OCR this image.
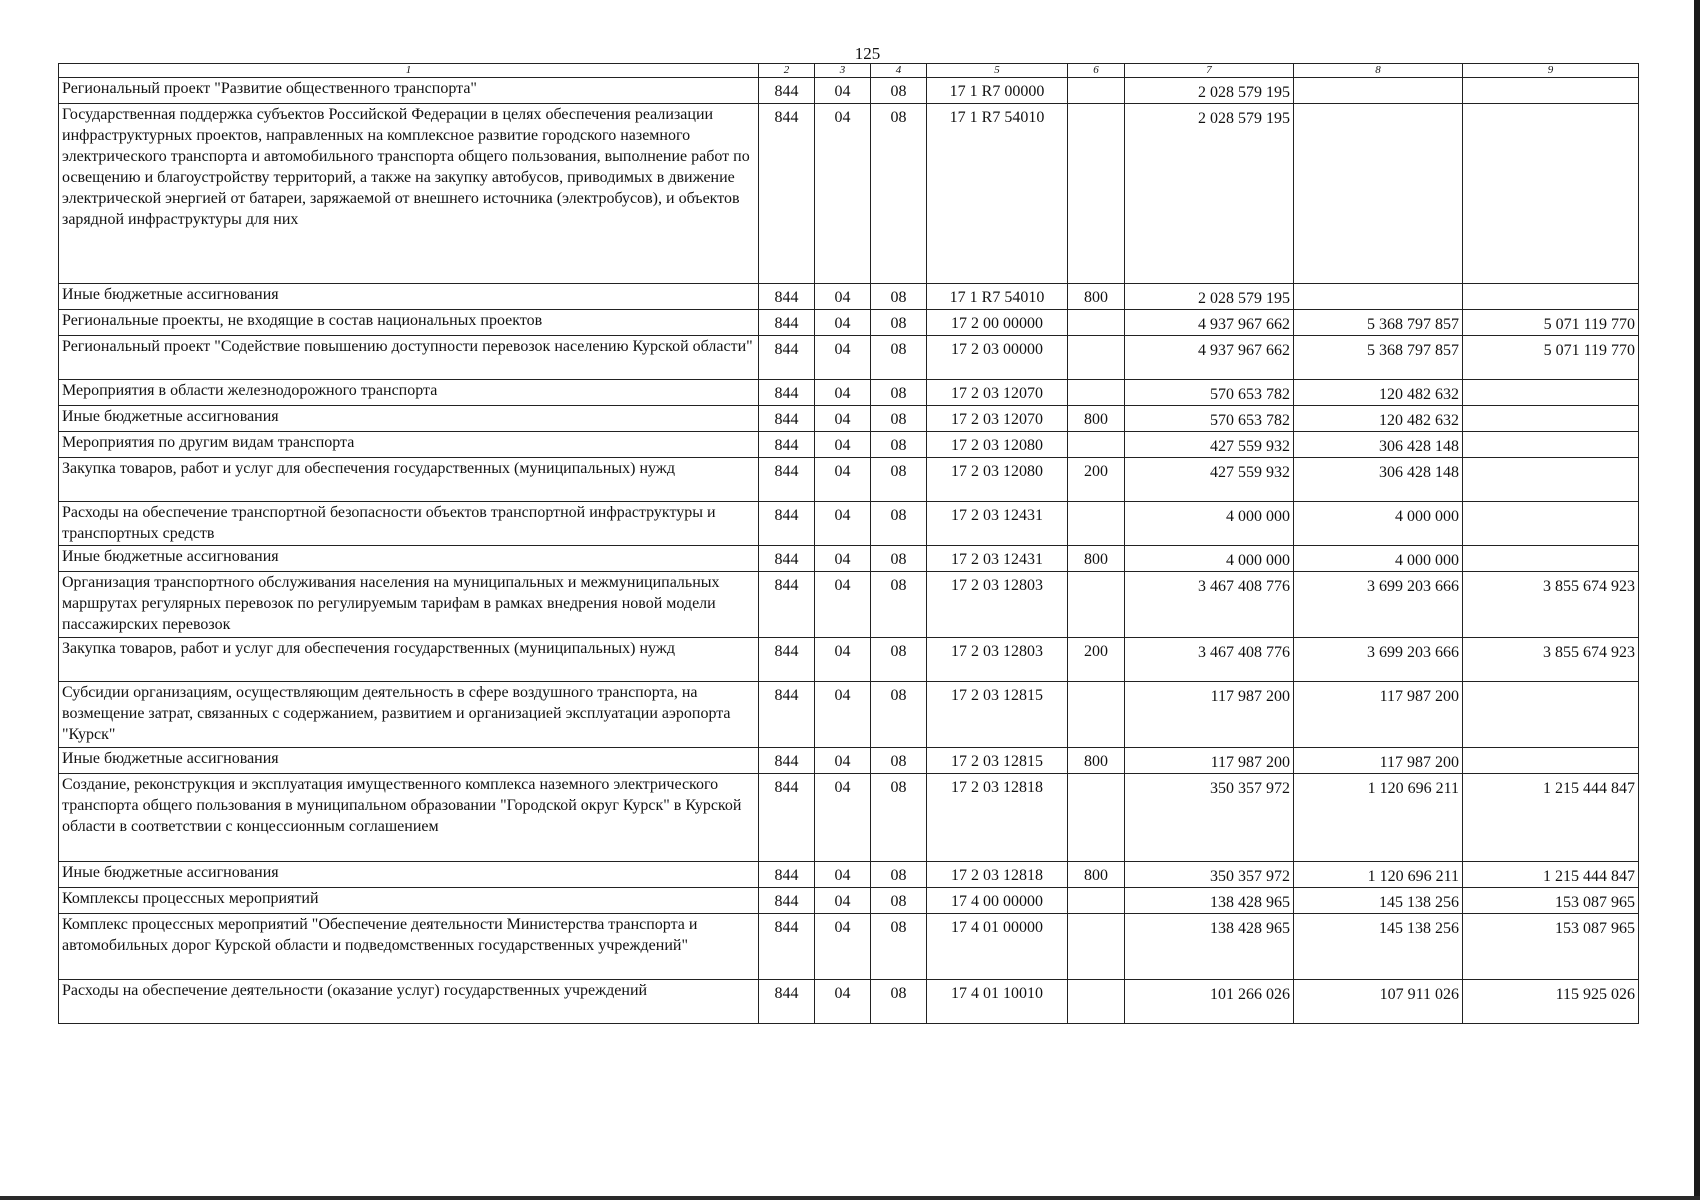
125
1	2	3	4	5	6	7	8	9
Региональный проект "Развитие общественного транспорта"	844	04	08	17 1 R7 00000		2 028 579 195		

Государственная поддержка субъектов Российской Федерации в целях обеспечения реализации инфраструктурных проектов, направленных на комплексное развитие городского наземного электрического транспорта и автомобильного транспорта общего пользования, выполнение работ по освещению и благоустройству территорий, а также на закупку автобусов, приводимых в движение электрической энергией от батареи, заряжаемой от внешнего источника (электробусов), и объектов зарядной инфраструктуры для них	844	04	08	17 1 R7 54010		2 028 579 195		

Иные бюджетные ассигнования	844	04	08	17 1 R7 54010	800	2 028 579 195		

Региональные проекты, не входящие в состав национальных проектов	844	04	08	17 2 00 00000		4 937 967 662	5 368 797 857	5 071 119 770

Региональный проект "Содействие повышению доступности перевозок населению Курской области"	844	04	08	17 2 03 00000		4 937 967 662	5 368 797 857	5 071 119 770

Мероприятия в области железнодорожного транспорта	844	04	08	17 2 03 12070		570 653 782	120 482 632	

Иные бюджетные ассигнования	844	04	08	17 2 03 12070	800	570 653 782	120 482 632	

Мероприятия по другим видам транспорта	844	04	08	17 2 03 12080		427 559 932	306 428 148	

Закупка товаров, работ и услуг для обеспечения государственных (муниципальных) нужд	844	04	08	17 2 03 12080	200	427 559 932	306 428 148	

Расходы на обеспечение транспортной безопасности объектов транспортной инфраструктуры и транспортных средств	844	04	08	17 2 03 12431		4 000 000	4 000 000	

Иные бюджетные ассигнования	844	04	08	17 2 03 12431	800	4 000 000	4 000 000	

Организация транспортного обслуживания населения на муниципальных и межмуниципальных маршрутах регулярных перевозок по регулируемым тарифам в рамках внедрения новой модели пассажирских перевозок	844	04	08	17 2 03 12803		3 467 408 776	3 699 203 666	3 855 674 923

Закупка товаров, работ и услуг для обеспечения государственных (муниципальных) нужд	844	04	08	17 2 03 12803	200	3 467 408 776	3 699 203 666	3 855 674 923

Субсидии организациям, осуществляющим деятельность в сфере воздушного транспорта, на возмещение затрат, связанных с содержанием, развитием и организацией эксплуатации аэропорта "Курск"	844	04	08	17 2 03 12815		117 987 200	117 987 200	

Иные бюджетные ассигнования	844	04	08	17 2 03 12815	800	117 987 200	117 987 200	

Создание, реконструкция и эксплуатация имущественного комплекса наземного электрического транспорта общего пользования в муниципальном образовании "Городской округ Курск" в Курской области в соответствии с концессионным соглашением	844	04	08	17 2 03 12818		350 357 972	1 120 696 211	1 215 444 847

Иные бюджетные ассигнования	844	04	08	17 2 03 12818	800	350 357 972	1 120 696 211	1 215 444 847

Комплексы процессных мероприятий	844	04	08	17 4 00 00000		138 428 965	145 138 256	153 087 965

Комплекс процессных мероприятий "Обеспечение деятельности Министерства транспорта и автомобильных дорог Курской области и подведомственных государственных учреждений"	844	04	08	17 4 01 00000		138 428 965	145 138 256	153 087 965

Расходы на обеспечение деятельности (оказание услуг) государственных учреждений	844	04	08	17 4 01 10010		101 266 026	107 911 026	115 925 026
